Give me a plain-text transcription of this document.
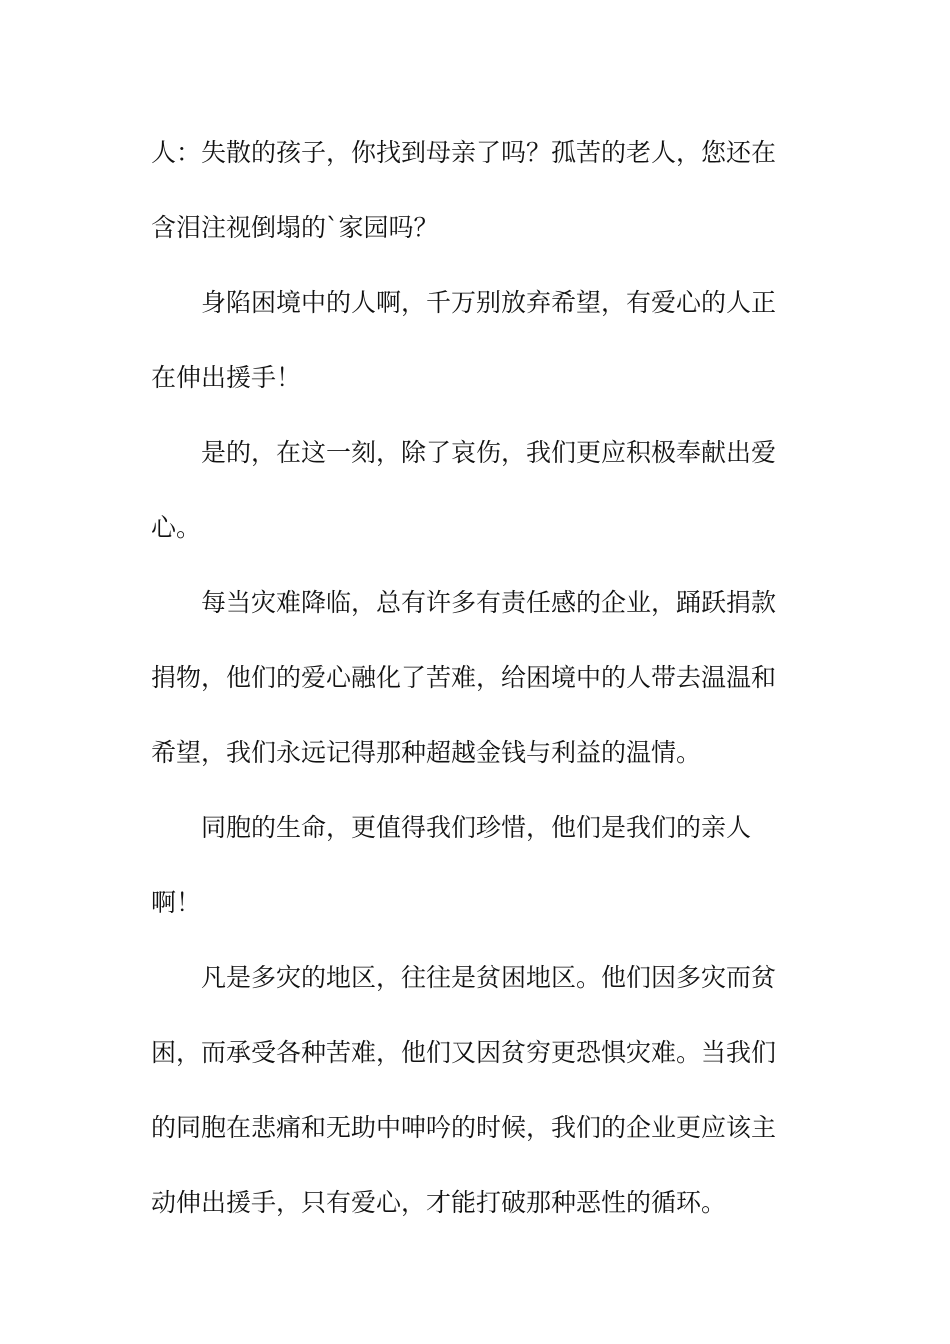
人：失散的孩子，你找到母亲了吗？孤苦的老人，您还在
含泪注视倒塌的`家园吗？

身陷困境中的人啊，千万别放弃希望，有爱心的人正
在伸出援手！

是的，在这一刻，除了哀伤，我们更应积极奉献出爱
心。

每当灾难降临，总有许多有责任感的企业，踊跃捐款
捐物，他们的爱心融化了苦难，给困境中的人带去温温和
希望，我们永远记得那种超越金钱与利益的温情。

同胞的生命，更值得我们珍惜，他们是我们的亲人
啊！

凡是多灾的地区，往往是贫困地区。他们因多灾而贫
困，而承受各种苦难，他们又因贫穷更恐惧灾难。当我们
的同胞在悲痛和无助中呻吟的时候，我们的企业更应该主
动伸出援手，只有爱心，才能打破那种恶性的循环。
